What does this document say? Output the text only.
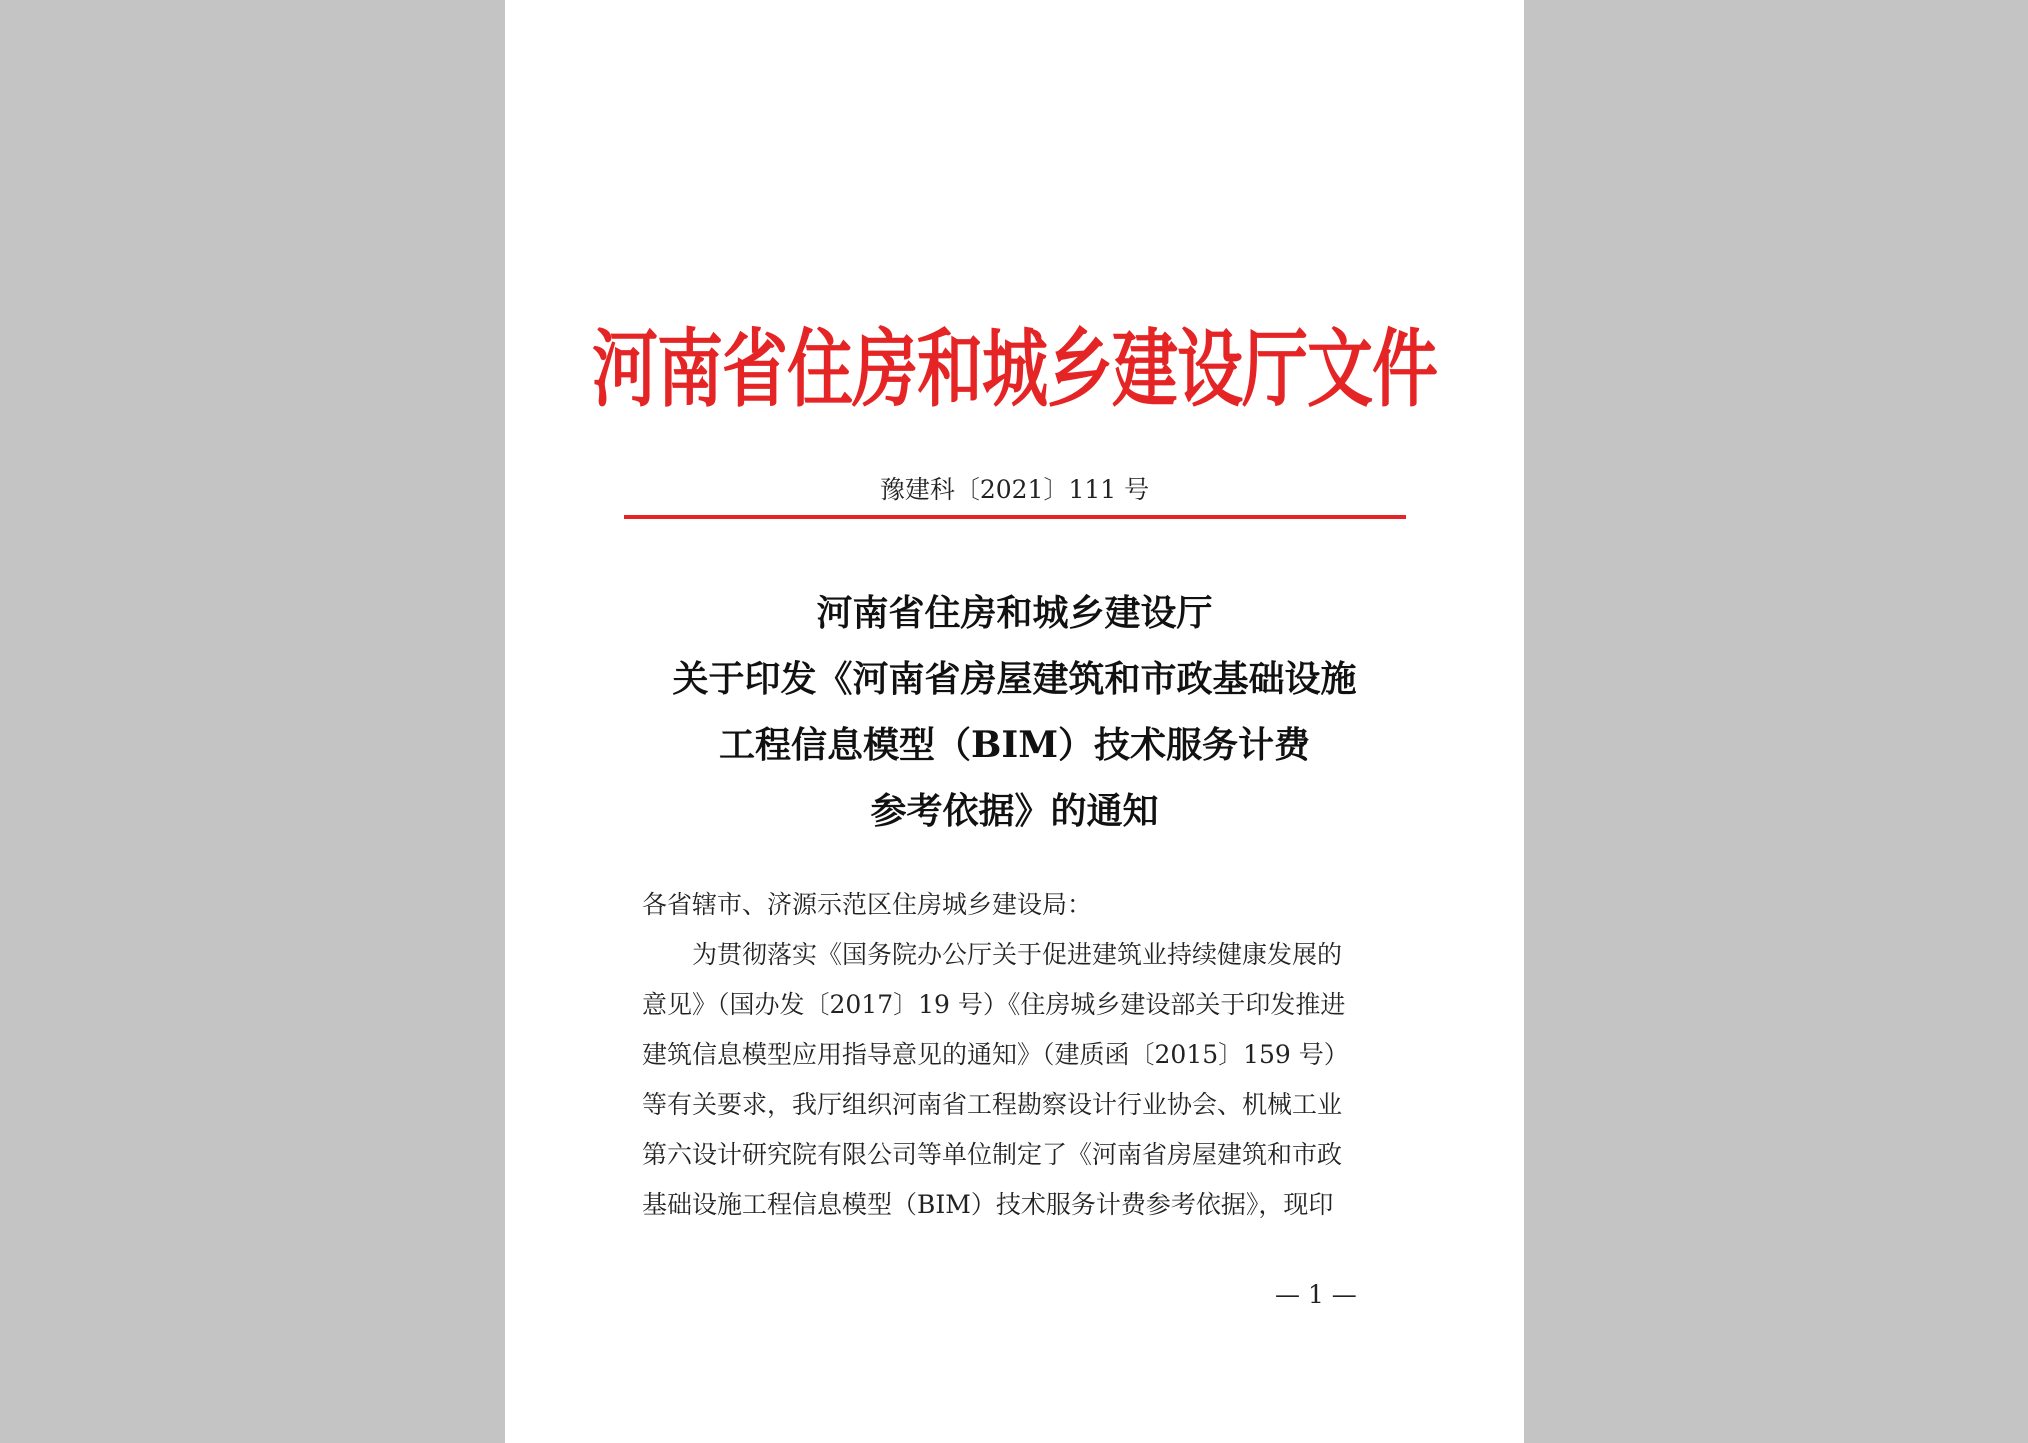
河南省住房和城乡建设厅文件
豫建科〔2021〕111 号
河南省住房和城乡建设厅
关于印发《河南省房屋建筑和市政基础设施
工程信息模型（BIM）技术服务计费
参考依据》的通知
各省辖市、济源示范区住房城乡建设局：
为贯彻落实《国务院办公厅关于促进建筑业持续健康发展的
意见》（国办发〔2017〕19 号）《住房城乡建设部关于印发推进
建筑信息模型应用指导意见的通知》（建质函〔2015〕159 号）
等有关要求，我厅组织河南省工程勘察设计行业协会、机械工业
第六设计研究院有限公司等单位制定了《河南省房屋建筑和市政
基础设施工程信息模型（BIM）技术服务计费参考依据》，现印
— 1 —
